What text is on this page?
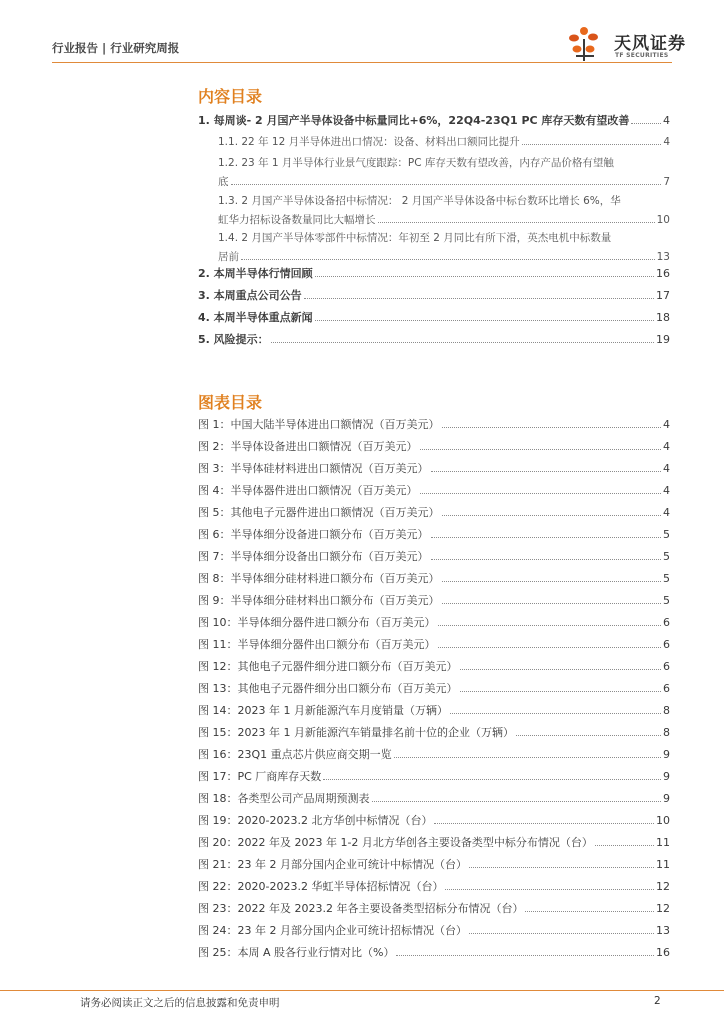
行业报告 | 行业研究周报	天风证券
TF SECURITIES
内容目录
1. 每周谈- 2 月国产半导体设备中标量同比+6%，22Q4-23Q1 PC 库存天数有望改善	4
1.1. 22 年 12 月半导体进出口情况：设备、材料出口额同比提升	4
1.2. 23 年 1 月半导体行业景气度跟踪：PC 库存天数有望改善，内存产品价格有望触
底	7
1.3. 2 月国产半导体设备招中标情况： 2 月国产半导体设备中标台数环比增长 6%，华
虹华力招标设备数量同比大幅增长	10
1.4. 2 月国产半导体零部件中标情况：年初至 2 月同比有所下滑，英杰电机中标数量
居前	13
2. 本周半导体行情回顾	16
3. 本周重点公司公告	17
4. 本周半导体重点新闻	18
5. 风险提示：	19
图表目录
图 1：中国大陆半导体进出口额情况（百万美元）	4
图 2：半导体设备进出口额情况（百万美元）	4
图 3：半导体硅材料进出口额情况（百万美元）	4
图 4：半导体器件进出口额情况（百万美元）	4
图 5：其他电子元器件进出口额情况（百万美元）	4
图 6：半导体细分设备进口额分布（百万美元）	5
图 7：半导体细分设备出口额分布（百万美元）	5
图 8：半导体细分硅材料进口额分布（百万美元）	5
图 9：半导体细分硅材料出口额分布（百万美元）	5
图 10：半导体细分器件进口额分布（百万美元）	6
图 11：半导体细分器件出口额分布（百万美元）	6
图 12：其他电子元器件细分进口额分布（百万美元）	6
图 13：其他电子元器件细分出口额分布（百万美元）	6
图 14：2023 年 1 月新能源汽车月度销量（万辆）	8
图 15：2023 年 1 月新能源汽车销量排名前十位的企业（万辆）	8
图 16：23Q1 重点芯片供应商交期一览	9
图 17：PC 厂商库存天数	9
图 18：各类型公司产品周期预测表	9
图 19：2020-2023.2 北方华创中标情况（台）	10
图 20：2022 年及 2023 年 1-2 月北方华创各主要设备类型中标分布情况（台）	11
图 21：23 年 2 月部分国内企业可统计中标情况（台）	11
图 22：2020-2023.2 华虹半导体招标情况（台）	12
图 23：2022 年及 2023.2 年各主要设备类型招标分布情况（台）	12
图 24：23 年 2 月部分国内企业可统计招标情况（台）	13
图 25：本周 A 股各行业行情对比（%）	16
请务必阅读正文之后的信息披露和免责申明	2
